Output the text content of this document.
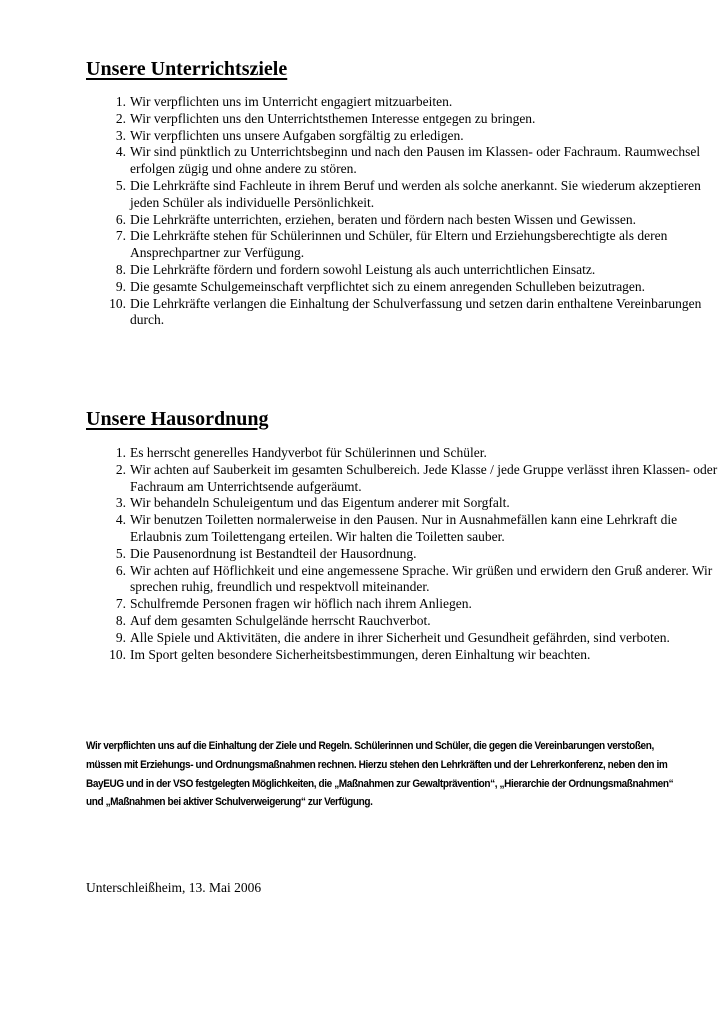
Unsere Unterrichtsziele
1. Wir verpflichten uns im Unterricht engagiert mitzuarbeiten.
2. Wir verpflichten uns den Unterrichtsthemen Interesse entgegen zu bringen.
3. Wir verpflichten uns unsere Aufgaben sorgfältig zu erledigen.
4. Wir sind pünktlich zu Unterrichtsbeginn und nach den Pausen im Klassen- oder Fachraum. Raumwechsel erfolgen zügig und ohne andere zu stören.
5. Die Lehrkräfte sind Fachleute in ihrem Beruf und werden als solche anerkannt. Sie wiederum akzeptieren jeden Schüler als individuelle Persönlichkeit.
6. Die Lehrkräfte unterrichten, erziehen, beraten und fördern nach besten Wissen und Gewissen.
7. Die Lehrkräfte stehen für Schülerinnen und Schüler, für Eltern und Erziehungsberechtigte als deren Ansprechpartner zur Verfügung.
8. Die Lehrkräfte fördern und fordern sowohl Leistung als auch unterrichtlichen Einsatz.
9. Die gesamte Schulgemeinschaft verpflichtet sich zu einem anregenden Schulleben beizutragen.
10. Die Lehrkräfte verlangen die Einhaltung der Schulverfassung und setzen darin enthaltene Vereinbarungen durch.
Unsere Hausordnung
1. Es herrscht generelles Handyverbot für Schülerinnen und Schüler.
2. Wir achten auf Sauberkeit im gesamten Schulbereich. Jede Klasse / jede Gruppe verlässt ihren Klassen- oder Fachraum am Unterrichtsende aufgeräumt.
3. Wir behandeln Schuleigentum und das Eigentum anderer mit Sorgfalt.
4. Wir benutzen Toiletten normalerweise in den Pausen. Nur in Ausnahmefällen kann eine Lehrkraft die Erlaubnis zum Toilettengang erteilen. Wir halten die Toiletten sauber.
5. Die Pausenordnung ist Bestandteil der Hausordnung.
6. Wir achten auf Höflichkeit und eine angemessene Sprache. Wir grüßen und erwidern den Gruß anderer. Wir sprechen ruhig, freundlich und respektvoll miteinander.
7. Schulfremde Personen fragen wir höflich nach ihrem Anliegen.
8. Auf dem gesamten Schulgelände herrscht Rauchverbot.
9. Alle Spiele und Aktivitäten, die andere in ihrer Sicherheit und Gesundheit gefährden, sind verboten.
10. Im Sport gelten besondere Sicherheitsbestimmungen, deren Einhaltung wir beachten.

Wir verpflichten uns auf die Einhaltung der Ziele und Regeln. Schülerinnen und Schüler, die gegen die Vereinbarungen verstoßen, müssen mit Erziehungs- und Ordnungsmaßnahmen rechnen. Hierzu stehen den Lehrkräften und der Lehrerkonferenz, neben den im BayEUG und in der VSO festgelegten Möglichkeiten, die „Maßnahmen zur Gewaltprävention“, „Hierarchie der Ordnungsmaßnahmen“ und „Maßnahmen bei aktiver Schulverweigerung“ zur Verfügung.

Unterschleißheim, 13. Mai 2006
